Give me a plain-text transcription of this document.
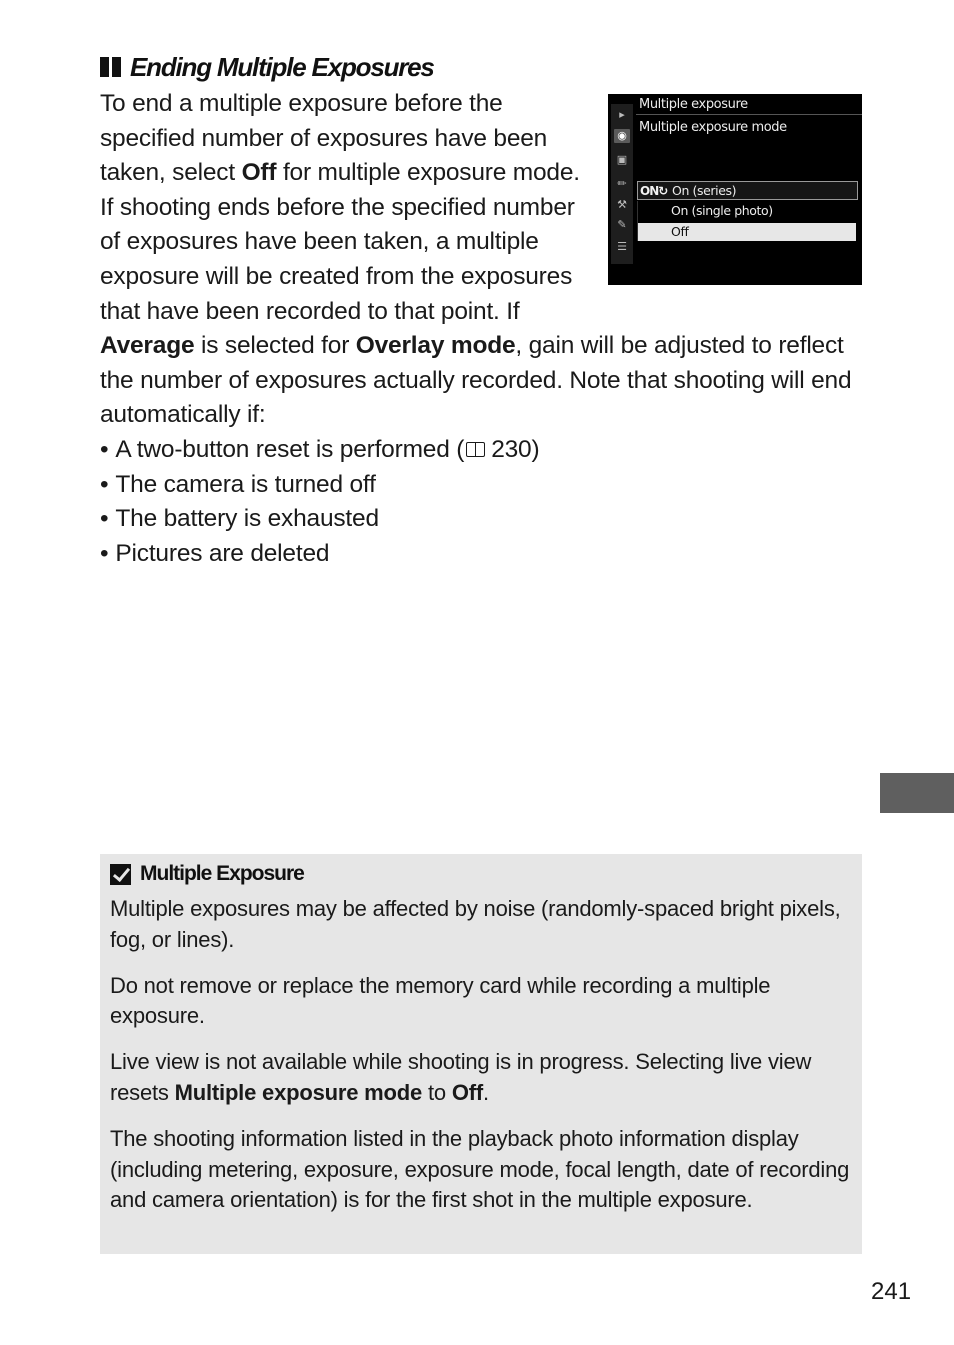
Ending Multiple Exposures
To end a multiple exposure before the specified number of exposures have been taken, select Off for multiple exposure mode. If shooting ends before the specified number of exposures have been taken, a multiple exposure will be created from the exposures that have been recorded to that point. If Average is selected for Overlay mode, gain will be adjusted to reflect the number of exposures actually recorded. Note that shooting will end automatically if:
• A two-button reset is performed ( 230)
• The camera is turned off
• The battery is exhausted
• Pictures are deleted
▸
◉
▣
✏
⚒
✎
☰
Multiple exposure
Multiple exposure mode
ON↻ On (series)
On (single photo)
Off
Multiple Exposure

Multiple exposures may be affected by noise (randomly-spaced bright pixels, fog, or lines).

Do not remove or replace the memory card while recording a multiple exposure.

Live view is not available while shooting is in progress. Selecting live view resets Multiple exposure mode to Off.

The shooting information listed in the playback photo information display (including metering, exposure, exposure mode, focal length, date of recording and camera orientation) is for the first shot in the multiple exposure.

241
